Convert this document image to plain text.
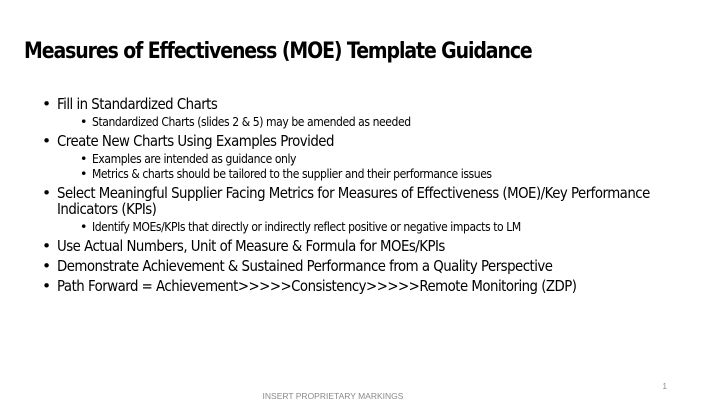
Measures of Effectiveness (MOE) Template Guidance
• Fill in Standardized Charts
• Standardized Charts (slides 2 & 5) may be amended as needed
• Create New Charts Using Examples Provided
• Examples are intended as guidance only
• Metrics & charts should be tailored to the supplier and their performance issues
• Select Meaningful Supplier Facing Metrics for Measures of Effectiveness (MOE)/Key Performance Indicators (KPIs)
• Identify MOEs/KPIs that directly or indirectly reflect positive or negative impacts to LM
• Use Actual Numbers, Unit of Measure & Formula for MOEs/KPIs
• Demonstrate Achievement & Sustained Performance from a Quality Perspective
• Path Forward = Achievement>>>>>Consistency>>>>>Remote Monitoring (ZDP)
1
INSERT PROPRIETARY MARKINGS
